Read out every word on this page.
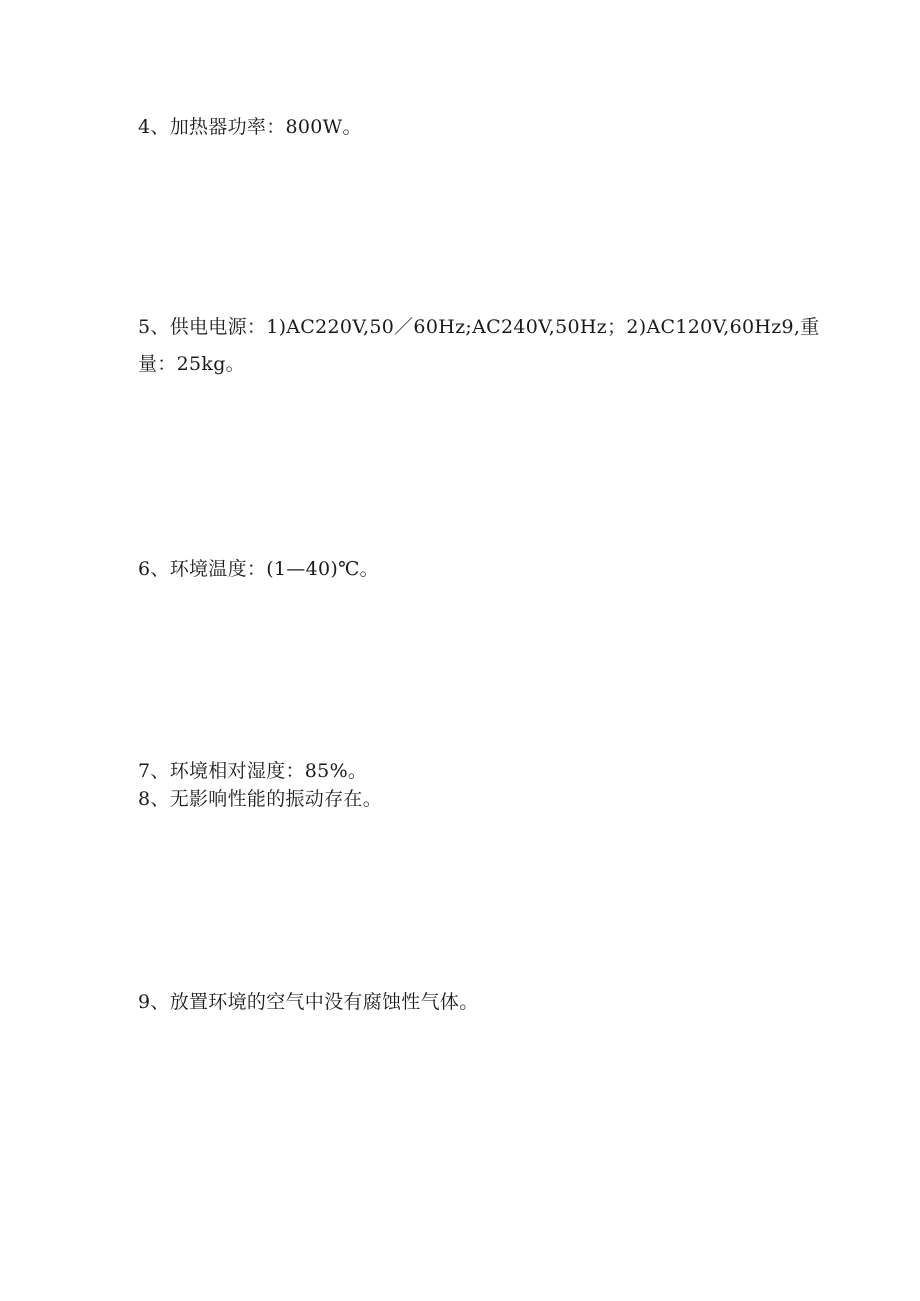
4、加热器功率：800W。
5、供电电源：1)AC220V,50／60Hz;AC240V,50Hz；2)AC120V,60Hz9,重
量：25kg。
6、环境温度：(1—40)℃。
7、环境相对湿度：85%。
8、无影响性能的振动存在。
9、放置环境的空气中没有腐蚀性气体。
